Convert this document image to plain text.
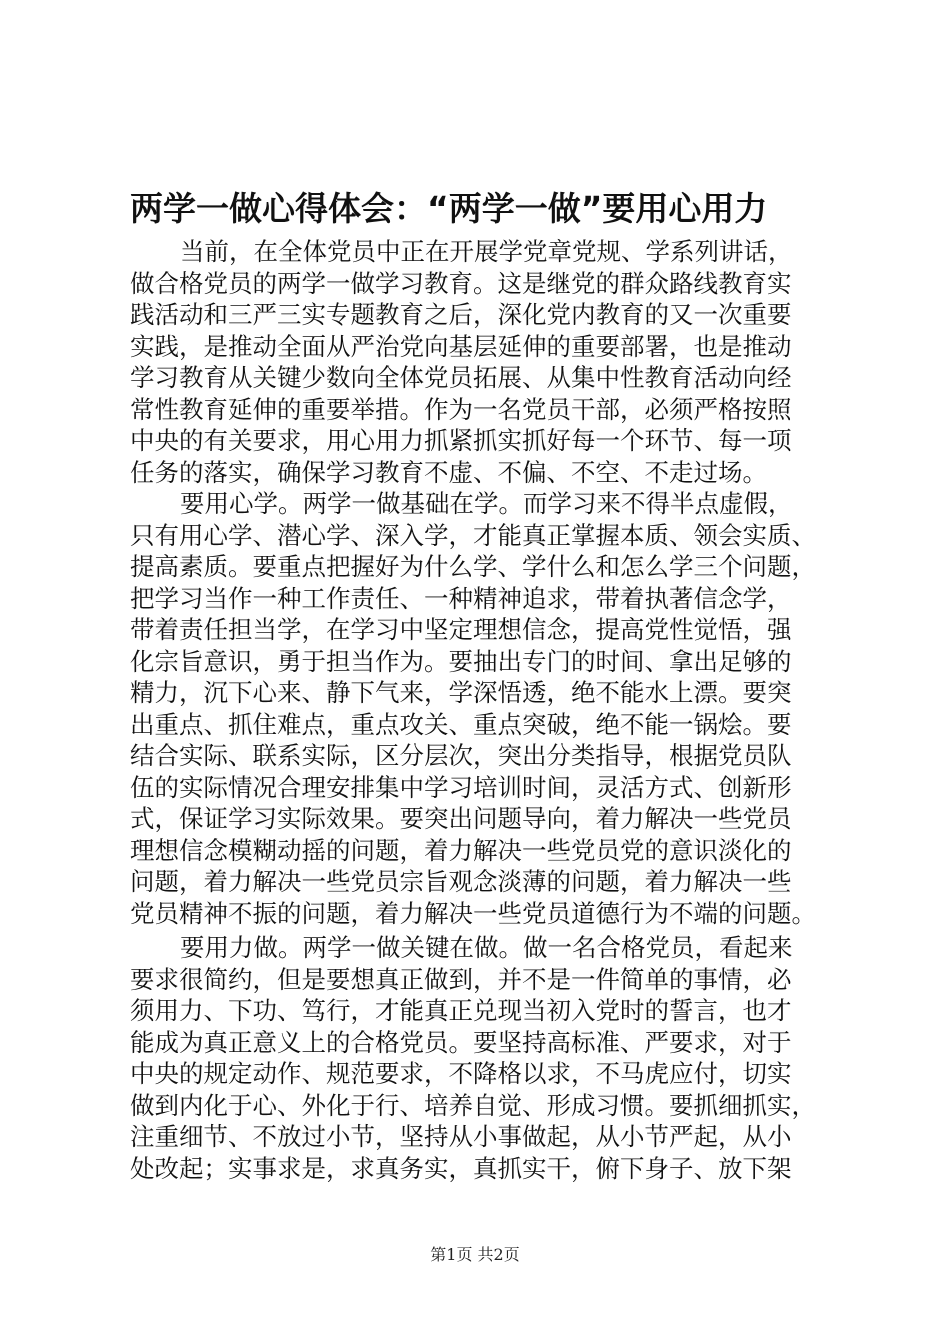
两学一做心得体会：“两学一做”要用心用力
当前，在全体党员中正在开展学党章党规、学系列讲话，
做合格党员的两学一做学习教育。这是继党的群众路线教育实
践活动和三严三实专题教育之后，深化党内教育的又一次重要
实践，是推动全面从严治党向基层延伸的重要部署，也是推动
学习教育从关键少数向全体党员拓展、从集中性教育活动向经
常性教育延伸的重要举措。作为一名党员干部，必须严格按照
中央的有关要求，用心用力抓紧抓实抓好每一个环节、每一项
任务的落实，确保学习教育不虚、不偏、不空、不走过场。
要用心学。两学一做基础在学。而学习来不得半点虚假，
只有用心学、潜心学、深入学，才能真正掌握本质、领会实质、
提高素质。要重点把握好为什么学、学什么和怎么学三个问题，
把学习当作一种工作责任、一种精神追求，带着执著信念学，
带着责任担当学，在学习中坚定理想信念，提高党性觉悟，强
化宗旨意识，勇于担当作为。要抽出专门的时间、拿出足够的
精力，沉下心来、静下气来，学深悟透，绝不能水上漂。要突
出重点、抓住难点，重点攻关、重点突破，绝不能一锅烩。要
结合实际、联系实际，区分层次，突出分类指导，根据党员队
伍的实际情况合理安排集中学习培训时间，灵活方式、创新形
式，保证学习实际效果。要突出问题导向，着力解决一些党员
理想信念模糊动摇的问题，着力解决一些党员党的意识淡化的
问题，着力解决一些党员宗旨观念淡薄的问题，着力解决一些
党员精神不振的问题，着力解决一些党员道德行为不端的问题。
要用力做。两学一做关键在做。做一名合格党员，看起来
要求很简约，但是要想真正做到，并不是一件简单的事情，必
须用力、下功、笃行，才能真正兑现当初入党时的誓言，也才
能成为真正意义上的合格党员。要坚持高标准、严要求，对于
中央的规定动作、规范要求，不降格以求，不马虎应付，切实
做到内化于心、外化于行、培养自觉、形成习惯。要抓细抓实，
注重细节、不放过小节，坚持从小事做起，从小节严起，从小
处改起；实事求是，求真务实，真抓实干，俯下身子、放下架
第1页 共2页
